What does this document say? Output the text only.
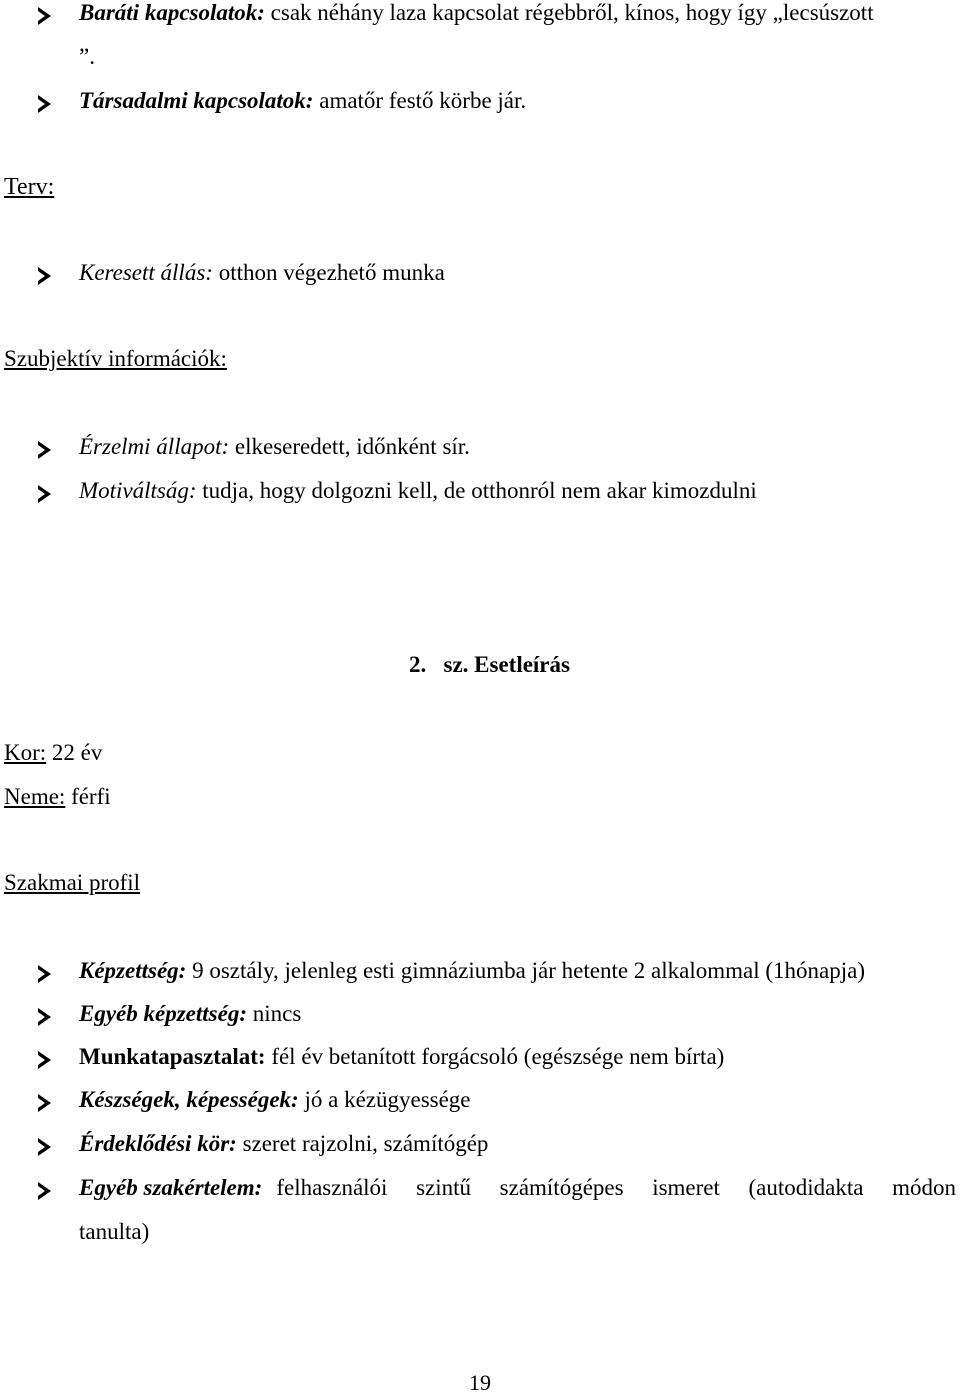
Baráti kapcsolatok: csak néhány laza kapcsolat régebbről, kínos, hogy így „lecsúszott
”.
Társadalmi kapcsolatok: amatőr festő körbe jár.
Terv:
Keresett állás: otthon végezhető munka
Szubjektív információk:
Érzelmi állapot: elkeseredett, időnként sír.
Motiváltság: tudja, hogy dolgozni kell, de otthonról nem akar kimozdulni
2.   sz. Esetleírás
Kor: 22 év
Neme: férfi
Szakmai profil
Képzettség: 9 osztály, jelenleg esti gimnáziumba jár hetente 2 alkalommal (1hónapja)
Egyéb képzettség: nincs
Munkatapasztalat: fél év betanított forgácsoló (egészsége nem bírta)
Készségek, képességek: jó a kézügyessége
Érdeklődési kör: szeret rajzolni, számítógép
Egyéb szakértelem: felhasználói szintű számítógépes ismeret (autodidakta módon
tanulta)
19
